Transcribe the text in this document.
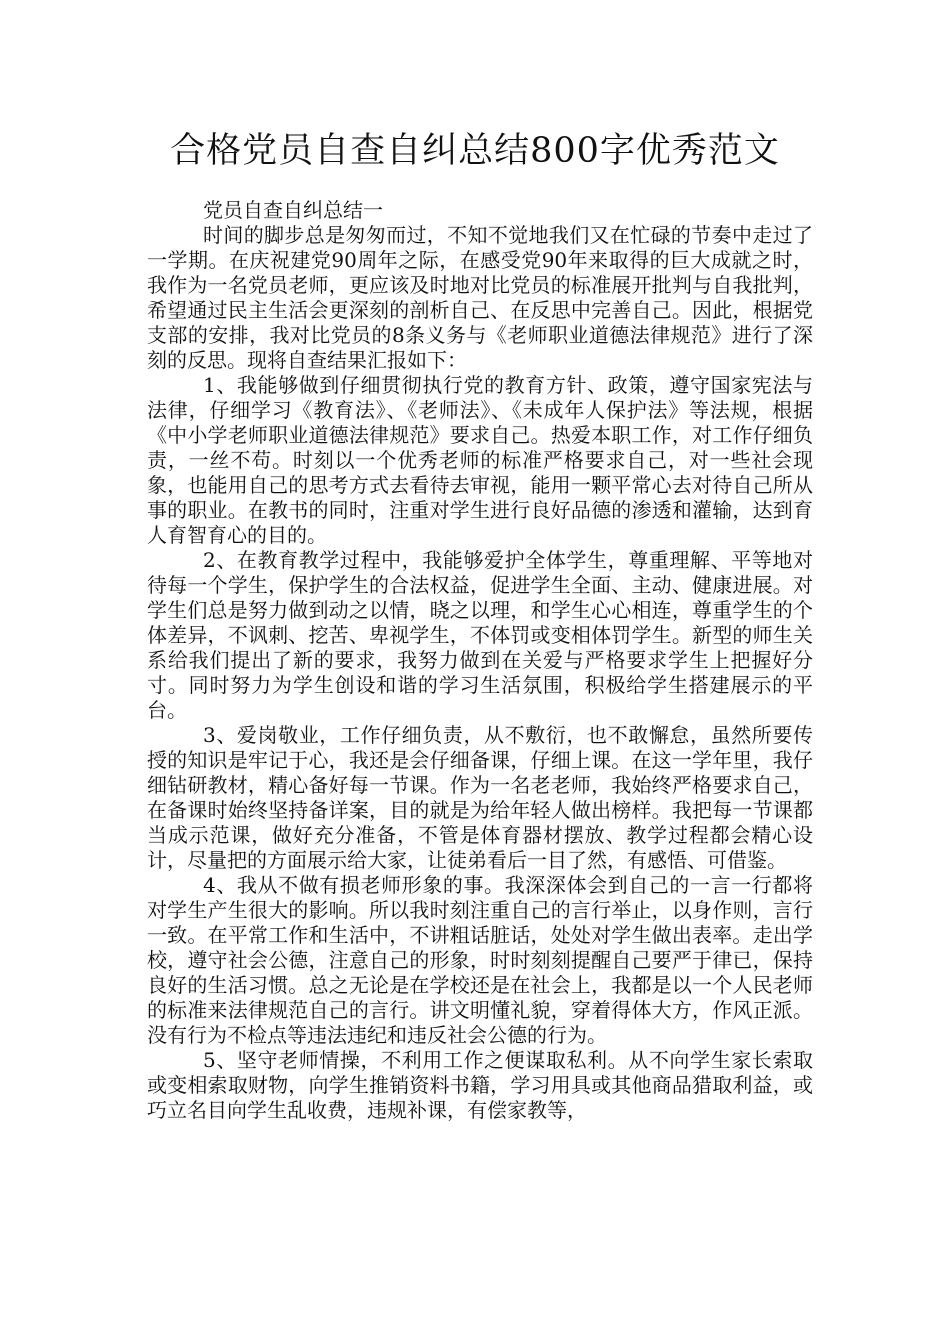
合格党员自查自纠总结800字优秀范文

党员自查自纠总结一

时间的脚步总是匆匆而过，不知不觉地我们又在忙碌的节奏中走过了一学期。在庆祝建党90周年之际，在感受党90年来取得的巨大成就之时，我作为一名党员老师，更应该及时地对比党员的标准展开批判与自我批判，希望通过民主生活会更深刻的剖析自己、在反思中完善自己。因此，根据党支部的安排，我对比党员的8条义务与《老师职业道德法律规范》进行了深刻的反思。现将自查结果汇报如下：

1、我能够做到仔细贯彻执行党的教育方针、政策，遵守国家宪法与法律，仔细学习《教育法》、《老师法》、《未成年人保护法》等法规，根据《中小学老师职业道德法律规范》要求自己。热爱本职工作，对工作仔细负责，一丝不苟。时刻以一个优秀老师的标准严格要求自己，对一些社会现象，也能用自己的思考方式去看待去审视，能用一颗平常心去对待自己所从事的职业。在教书的同时，注重对学生进行良好品德的渗透和灌输，达到育人育智育心的目的。

2、在教育教学过程中，我能够爱护全体学生，尊重理解、平等地对待每一个学生，保护学生的合法权益，促进学生全面、主动、健康进展。对学生们总是努力做到动之以情，晓之以理，和学生心心相连，尊重学生的个体差异，不讽刺、挖苦、卑视学生，不体罚或变相体罚学生。新型的师生关系给我们提出了新的要求，我努力做到在关爱与严格要求学生上把握好分寸。同时努力为学生创设和谐的学习生活氛围，积极给学生搭建展示的平台。

3、爱岗敬业，工作仔细负责，从不敷衍，也不敢懈怠，虽然所要传授的知识是牢记于心，我还是会仔细备课，仔细上课。在这一学年里，我仔细钻研教材，精心备好每一节课。作为一名老老师，我始终严格要求自己，在备课时始终坚持备详案，目的就是为给年轻人做出榜样。我把每一节课都当成示范课，做好充分准备，不管是体育器材摆放、教学过程都会精心设计，尽量把的方面展示给大家，让徒弟看后一目了然，有感悟、可借鉴。

4、我从不做有损老师形象的事。我深深体会到自己的一言一行都将对学生产生很大的影响。所以我时刻注重自己的言行举止，以身作则，言行一致。在平常工作和生活中，不讲粗话脏话，处处对学生做出表率。走出学校，遵守社会公德，注意自己的形象，时时刻刻提醒自己要严于律已，保持良好的生活习惯。总之无论是在学校还是在社会上，我都是以一个人民老师的标准来法律规范自己的言行。讲文明懂礼貌，穿着得体大方，作风正派。没有行为不检点等违法违纪和违反社会公德的行为。

5、坚守老师情操，不利用工作之便谋取私利。从不向学生家长索取或变相索取财物，向学生推销资料书籍，学习用具或其他商品猎取利益，或巧立名目向学生乱收费，违规补课，有偿家教等，
